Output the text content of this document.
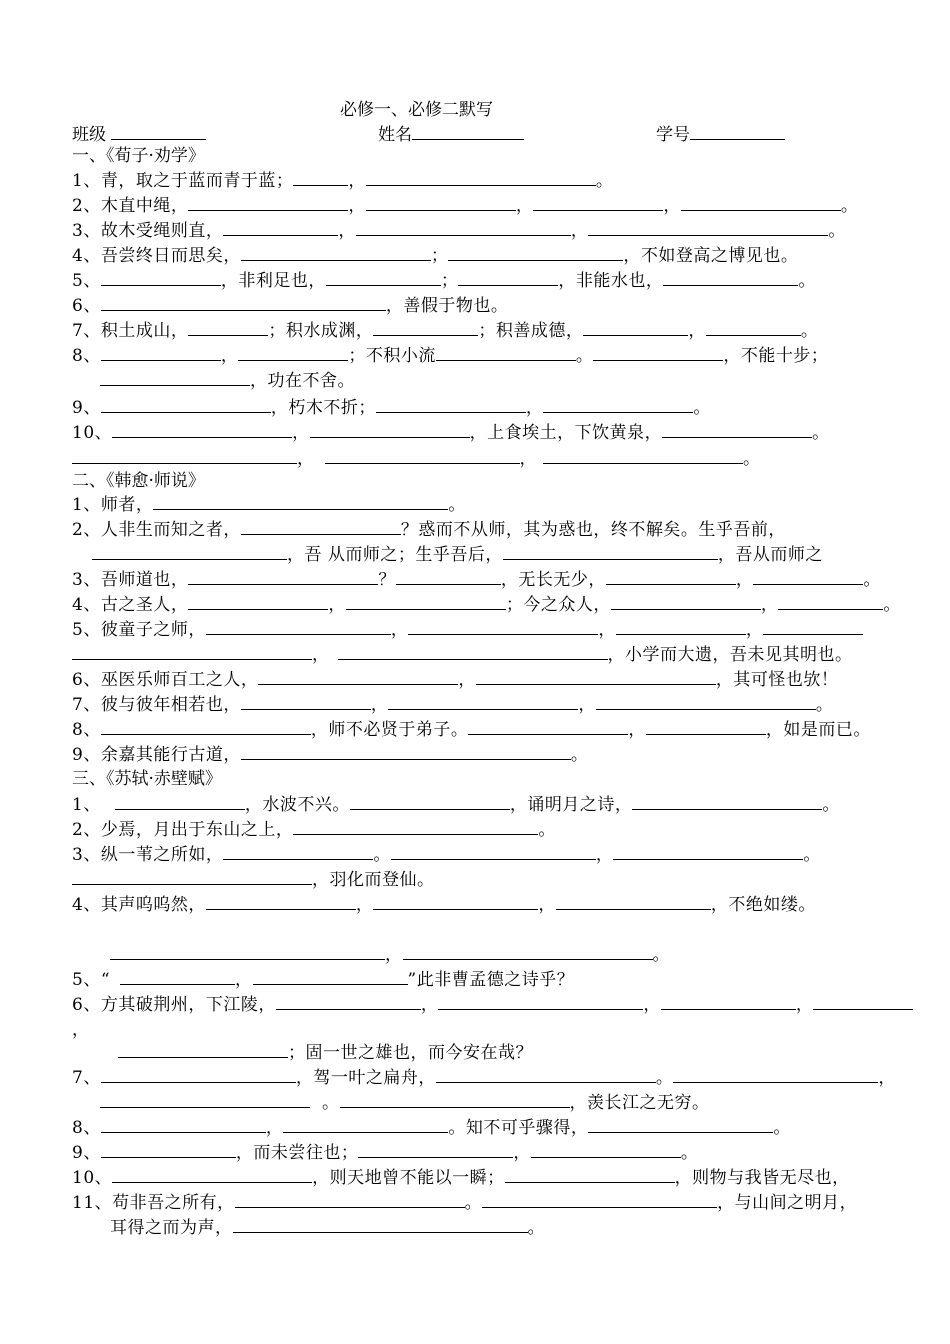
必修一、必修二默写
班级	姓名	学号
一、《荀子·劝学》
1、青，取之于蓝而青于蓝；	，	。
2、木直中绳，	，	，	，	。
3、故木受绳则直，	，	，	。
4、吾尝终日而思矣，	；	，不如登高之博见也。
5、	，非利足也，	；	，非能水也，	。
6、	，善假于物也。
7、积土成山，	；积水成渊，	；积善成德，	，	。
8、	，	；不积小流	。	，不能十步；
，功在不舍。
9、	，朽木不折；	，	。
10、	，	，上食埃土，下饮黄泉，	。
，	，	。
二、《韩愈·师说》
1、师者，	。
2、人非生而知之者，	？惑而不从师，其为惑也，终不解矣。生乎吾前，
，吾 从而师之；生乎吾后，	，吾从而师之
3、吾师道也，	？	，无长无少，	，	。
4、古之圣人，	，	；今之众人，	，	。
5、彼童子之师，	，	，	，
，	，小学而大遗，吾未见其明也。
6、巫医乐师百工之人，	，	，其可怪也欤！
7、彼与彼年相若也，	，	，	。
8、	，师不必贤于弟子。	，	，如是而已。
9、余嘉其能行古道，	。
三、《苏轼·赤壁赋》
1、	，水波不兴。	，诵明月之诗，	。
2、少焉，月出于东山之上，	。
3、纵一苇之所如，	。	，	。
，羽化而登仙。
4、其声呜呜然，	，	，	，不绝如缕。
，	。
5、“	，	”此非曹孟德之诗乎？
6、方其破荆州，下江陵，	，	，	，
，
；固一世之雄也，而今安在哉？
7、	，驾一叶之扁舟，	。	，
。	，羡长江之无穷。
8、	，	。知不可乎骤得，	。
9、	，而未尝往也；	，	。
10、	，则天地曾不能以一瞬；	，则物与我皆无尽也，
11、苟非吾之所有，	。	，与山间之明月，
耳得之而为声，	。
